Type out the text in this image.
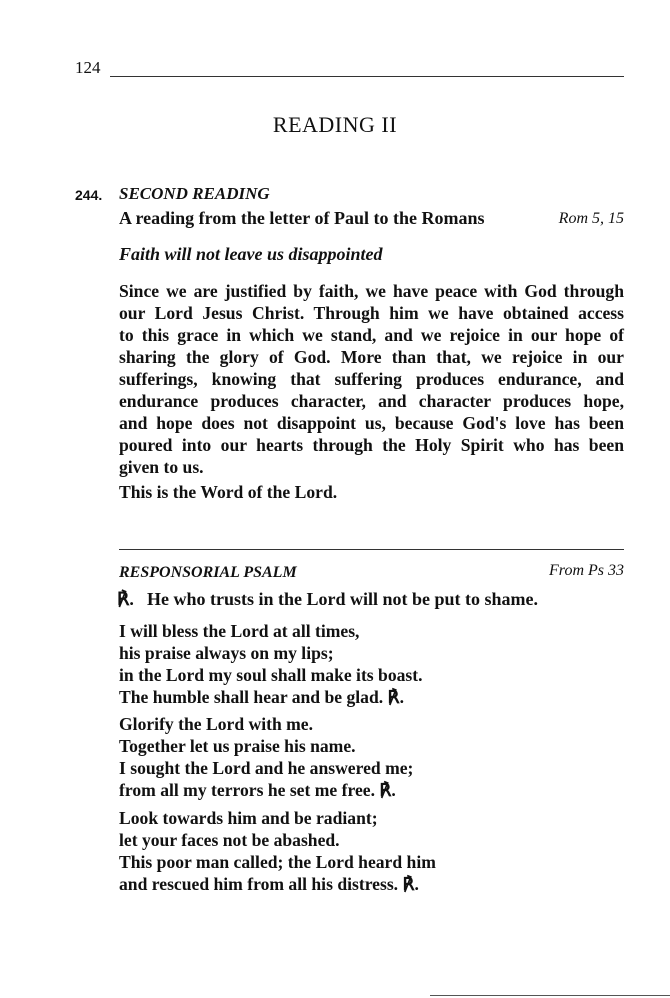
124
READING II
244. SECOND READING
A reading from the letter of Paul to the Romans	Rom 5, 15
Faith will not leave us disappointed

Since we are justified by faith, we have peace with God through
our Lord Jesus Christ. Through him we have obtained access
to this grace in which we stand, and we rejoice in our hope of
sharing the glory of God. More than that, we rejoice in our
sufferings, knowing that suffering produces endurance, and
endurance produces character, and character produces hope,
and hope does not disappoint us, because God's love has been
poured into our hearts through the Holy Spirit who has been
given to us.

This is the Word of the Lord.
RESPONSORIAL PSALM	From Ps 33
℟. He who trusts in the Lord will not be put to shame.
I will bless the Lord at all times,
his praise always on my lips;
in the Lord my soul shall make its boast.
The humble shall hear and be glad. ℟.
Glorify the Lord with me.
Together let us praise his name.
I sought the Lord and he answered me;
from all my terrors he set me free. ℟.
Look towards him and be radiant;
let your faces not be abashed.
This poor man called; the Lord heard him
and rescued him from all his distress. ℟.
